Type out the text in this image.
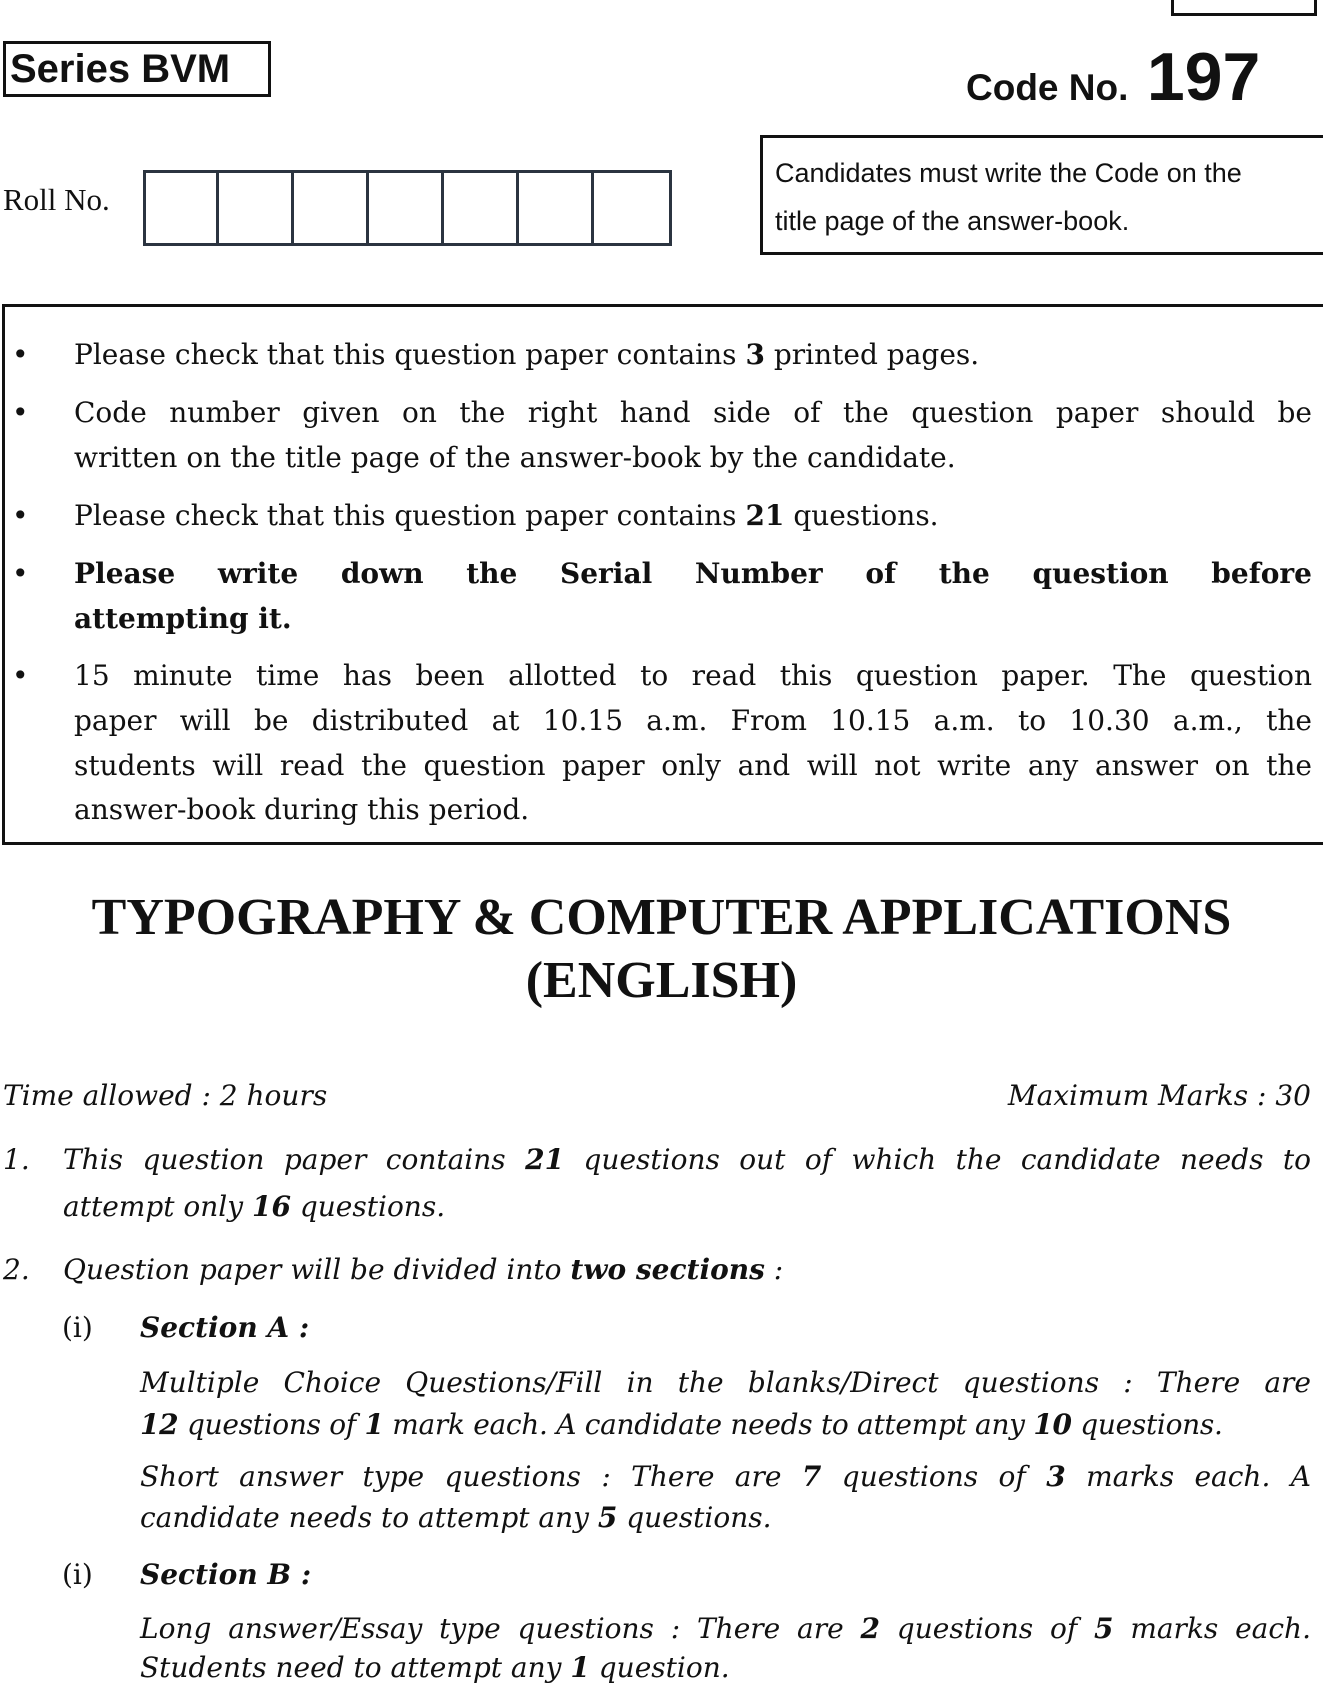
Series BVM	Code No. 197
Roll No.
Candidates must write the Code on the
title page of the answer-book.
•
•
•
•
•
Please check that this question paper contains 3 printed pages.
Code number given on the right hand side of the question paper should be
written on the title page of the answer-book by the candidate.
Please check that this question paper contains 21 questions.
Please write down the Serial Number of the question before
attempting it.
15 minute time has been allotted to read this question paper. The question
paper will be distributed at 10.15 a.m. From 10.15 a.m. to 10.30 a.m., the
students will read the question paper only and will not write any answer on the
answer-book during this period.
TYPOGRAPHY & COMPUTER APPLICATIONS
(ENGLISH)
Time allowed : 2 hours	Maximum Marks : 30
1. This question paper contains 21 questions out of which the candidate needs to
attempt only 16 questions.
2. Question paper will be divided into two sections :
(i) Section A :
Multiple Choice Questions/Fill in the blanks/Direct questions : There are
12 questions of 1 mark each. A candidate needs to attempt any 10 questions.
Short answer type questions : There are 7 questions of 3 marks each. A
candidate needs to attempt any 5 questions.
(i) Section B :
Long answer/Essay type questions : There are 2 questions of 5 marks each.
Students need to attempt any 1 question.
